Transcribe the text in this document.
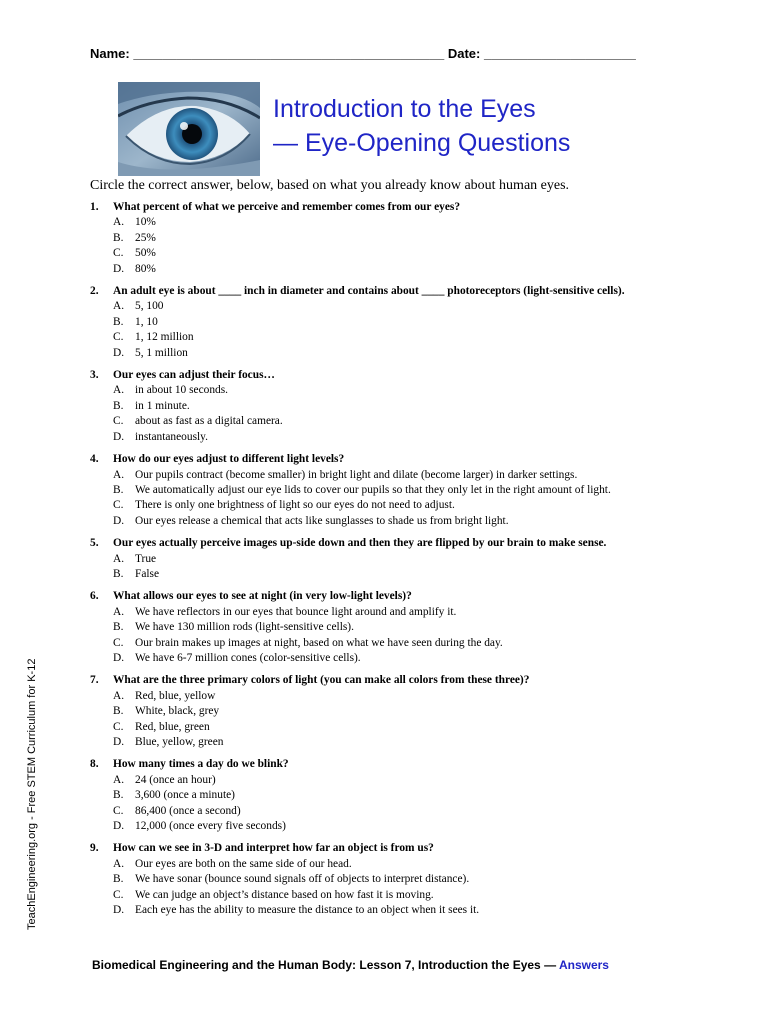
Name: ___________________________________________ Date: _____________________
Introduction to the Eyes
— Eye-Opening Questions
Circle the correct answer, below, based on what you already know about human eyes.
1.	What percent of what we perceive and remember comes from our eyes?
A. 10%
B.	25%
C.	50%
D. 80%
2.	An adult eye is about ____ inch in diameter and contains about ____ photoreceptors (light-sensitive cells).
A. 5, 100
B.	1, 10
C.	1, 12 million
D. 5, 1 million
3.	Our eyes can adjust their focus…
A. in about 10 seconds.
B.	in 1 minute.
C.	about as fast as a digital camera.
D. instantaneously.
4.	How do our eyes adjust to different light levels?
A. Our pupils contract (become smaller) in bright light and dilate (become larger) in darker settings.
B.	We automatically adjust our eye lids to cover our pupils so that they only let in the right amount of light.
C.	There is only one brightness of light so our eyes do not need to adjust.
D. Our eyes release a chemical that acts like sunglasses to shade us from bright light.
5.	Our eyes actually perceive images up-side down and then they are flipped by our brain to make sense.
A. True
B.	False
6.	What allows our eyes to see at night (in very low-light levels)?
A. We have reflectors in our eyes that bounce light around and amplify it.
B.	We have 130 million rods (light-sensitive cells).
C.	Our brain makes up images at night, based on what we have seen during the day.
D. We have 6-7 million cones (color-sensitive cells).
7.	What are the three primary colors of light (you can make all colors from these three)?
A. Red, blue, yellow
B.	White, black, grey
C.	Red, blue, green
D. Blue, yellow, green
8.	How many times a day do we blink?
A. 24 (once an hour)
B.	3,600 (once a minute)
C.	86,400 (once a second)
D. 12,000 (once every five seconds)
9.	How can we see in 3-D and interpret how far an object is from us?
A. Our eyes are both on the same side of our head.
B.	We have sonar (bounce sound signals off of objects to interpret distance).
C.	We can judge an object’s distance based on how fast it is moving.
D. Each eye has the ability to measure the distance to an object when it sees it.
TeachEngineering.org - Free STEM Curriculum for K-12
Biomedical Engineering and the Human Body: Lesson 7, Introduction the Eyes — Answers
